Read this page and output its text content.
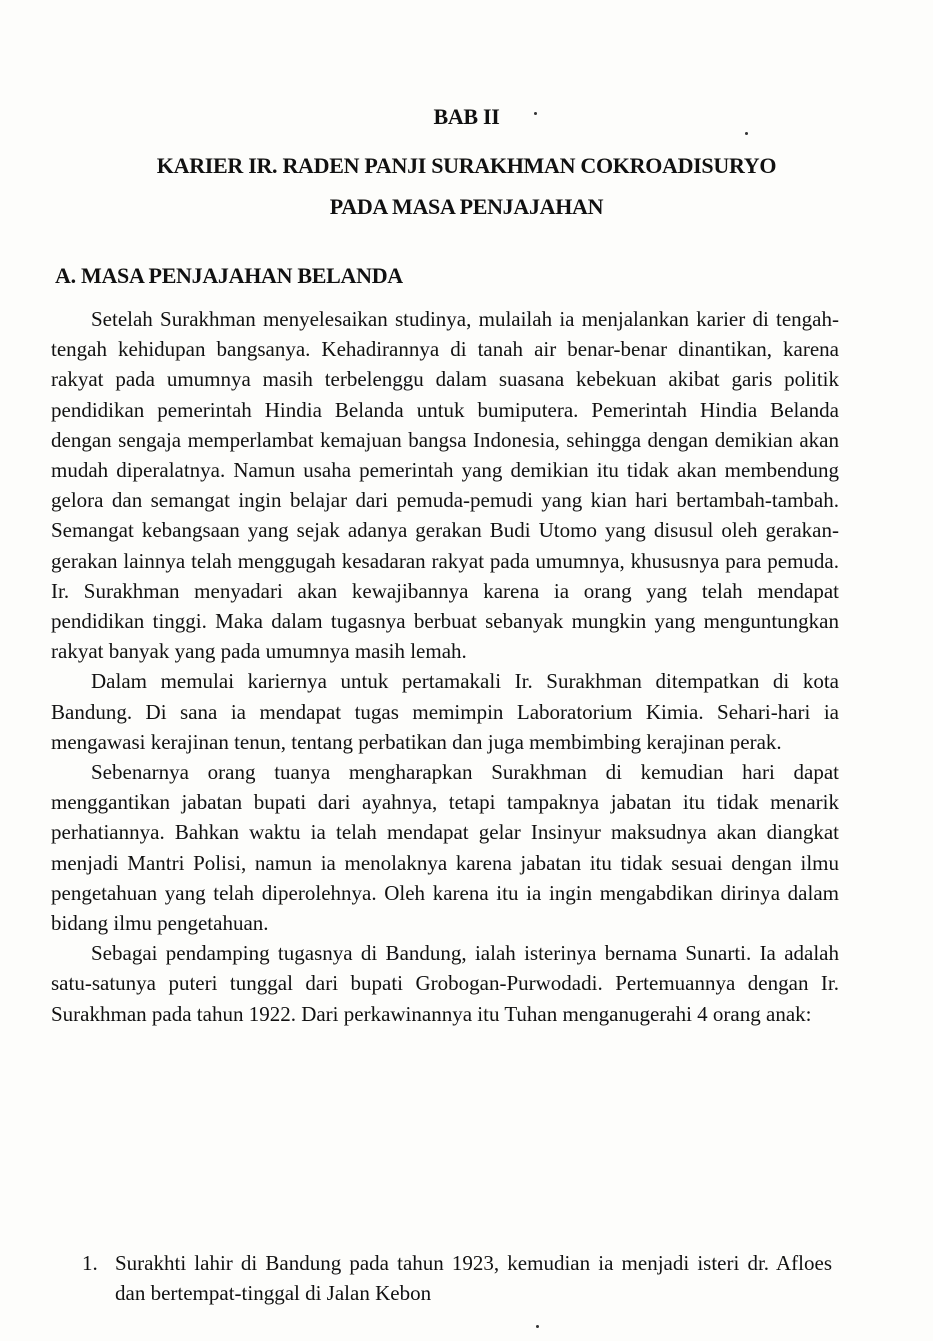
BAB II
KARIER IR. RADEN PANJI SURAKHMAN COKROADISURYO
PADA MASA PENJAJAHAN
A. MASA PENJAJAHAN BELANDA

Setelah Surakhman menyelesaikan studinya, mulailah ia menjalankan karier di tengah-tengah kehidupan bangsanya. Kehadirannya di tanah air benar-benar dinantikan, karena rakyat pada umumnya masih terbelenggu dalam suasana kebekuan akibat garis politik pendidikan pemerintah Hindia Belanda untuk bumiputera. Pemerintah Hindia Belanda dengan sengaja memperlambat kemajuan bangsa Indonesia, sehingga dengan demikian akan mudah diperalatnya. Namun usaha pemerintah yang demikian itu tidak akan membendung gelora dan semangat ingin belajar dari pemuda-pemudi yang kian hari bertambah-tambah. Semangat kebangsaan yang sejak adanya gerakan Budi Utomo yang disusul oleh gerakan-gerakan lainnya telah menggugah kesadaran rakyat pada umumnya, khususnya para pemuda. Ir. Surakhman menyadari akan kewajibannya karena ia orang yang telah mendapat pendidikan tinggi. Maka dalam tugasnya berbuat sebanyak mungkin yang menguntungkan rakyat banyak yang pada umumnya masih lemah.

Dalam memulai kariernya untuk pertamakali Ir. Surakhman ditempatkan di kota Bandung. Di sana ia mendapat tugas memimpin Laboratorium Kimia. Sehari-hari ia mengawasi kerajinan tenun, tentang perbatikan dan juga membimbing kerajinan perak.

Sebenarnya orang tuanya mengharapkan Surakhman di kemudian hari dapat menggantikan jabatan bupati dari ayahnya, tetapi tampaknya jabatan itu tidak menarik perhatiannya. Bahkan waktu ia telah mendapat gelar Insinyur maksudnya akan diangkat menjadi Mantri Polisi, namun ia menolaknya karena jabatan itu tidak sesuai dengan ilmu pengetahuan yang telah diperolehnya. Oleh karena itu ia ingin mengabdikan dirinya dalam bidang ilmu pengetahuan.

Sebagai pendamping tugasnya di Bandung, ialah isterinya bernama Sunarti. Ia adalah satu-satunya puteri tunggal dari bupati Grobogan-Purwodadi. Pertemuannya dengan Ir. Surakhman pada tahun 1922. Dari perkawinannya itu Tuhan menganugerahi 4 orang anak:

1. Surakhti lahir di Bandung pada tahun 1923, kemudian ia menjadi isteri dr. Afloes dan bertempat-tinggal di Jalan Kebon
